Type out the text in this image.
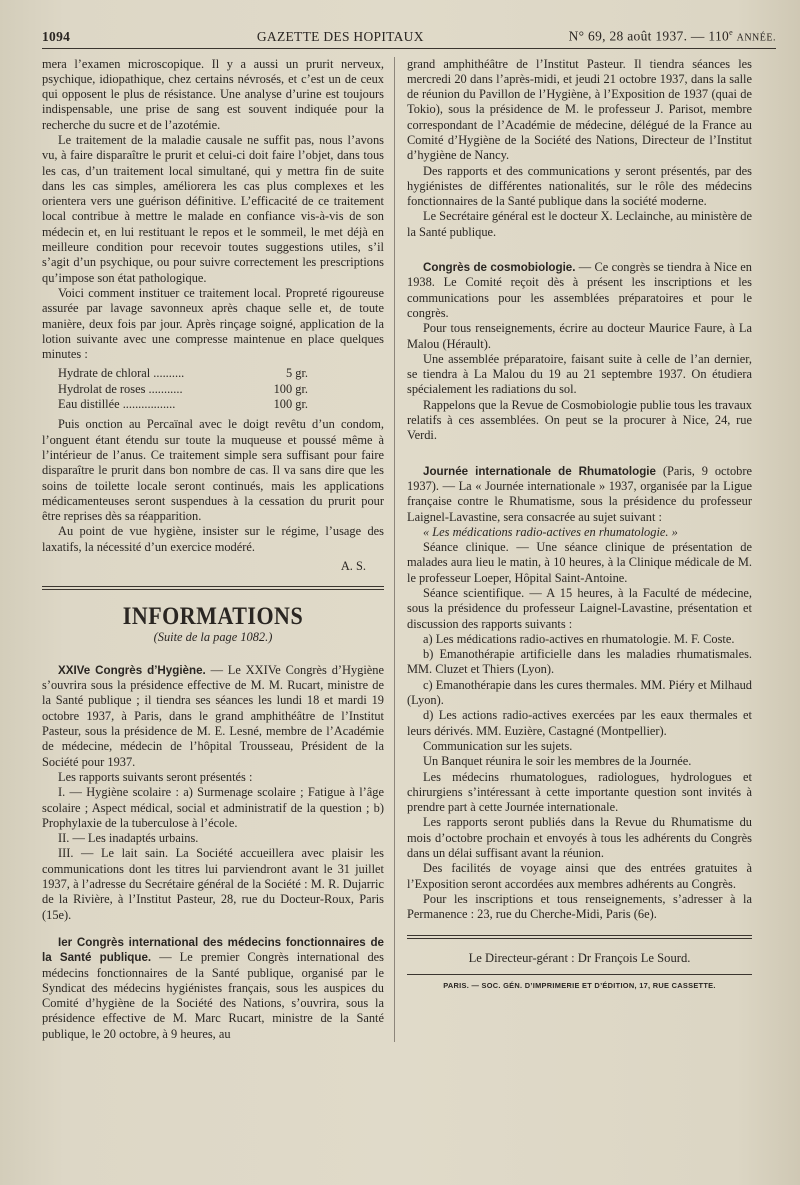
1094	GAZETTE DES HOPITAUX	N° 69, 28 août 1937. — 110e ANNÉE.

mera l’examen microscopique. Il y a aussi un prurit nerveux, psychique, idiopathique, chez certains névrosés, et c’est un de ceux qui opposent le plus de résistance. Une analyse d’urine est toujours indispensable, une prise de sang est souvent indiquée pour la recherche du sucre et de l’azotémie.

Le traitement de la maladie causale ne suffit pas, nous l’avons vu, à faire disparaître le prurit et celui-ci doit faire l’objet, dans tous les cas, d’un traitement local simultané, qui y mettra fin de suite dans les cas simples, améliorera les cas plus complexes et les orientera vers une guérison définitive. L’efficacité de ce traitement local contribue à mettre le malade en confiance vis-à-vis de son médecin et, en lui restituant le repos et le sommeil, le met déjà en meilleure condition pour recevoir toutes suggestions utiles, s’il s’agit d’un psychique, ou pour suivre correctement les prescriptions qu’impose son état pathologique.

Voici comment instituer ce traitement local. Propreté rigoureuse assurée par lavage savonneux après chaque selle et, de toute manière, deux fois par jour. Après rinçage soigné, application de la lotion suivante avec une compresse maintenue en place quelques minutes :

Hydrate de chloral ..........	5 gr.
Hydrolat de roses ...........	100 gr.
Eau distillée .................	100 gr.

Puis onction au Percaïnal avec le doigt revêtu d’un condom, l’onguent étant étendu sur toute la muqueuse et poussé même à l’intérieur de l’anus. Ce traitement simple sera suffisant pour faire disparaître le prurit dans bon nombre de cas. Il va sans dire que les soins de toilette locale seront continués, mais les applications médicamenteuses seront suspendues à la cessation du prurit pour être reprises dès sa réapparition.

Au point de vue hygiène, insister sur le régime, l’usage des laxatifs, la nécessité d’un exercice modéré.

A. S.
INFORMATIONS
(Suite de la page 1082.)

XXIVe Congrès d’Hygiène. — Le XXIVe Congrès d’Hygiène s’ouvrira sous la présidence effective de M. M. Rucart, ministre de la Santé publique ; il tiendra ses séances les lundi 18 et mardi 19 octobre 1937, à Paris, dans le grand amphithéâtre de l’Institut Pasteur, sous la présidence de M. E. Lesné, membre de l’Académie de médecine, médecin de l’hôpital Trousseau, Président de la Société pour 1937.

Les rapports suivants seront présentés :

I. — Hygiène scolaire : a) Surmenage scolaire ; Fatigue à l’âge scolaire ; Aspect médical, social et administratif de la question ; b) Prophylaxie de la tuberculose à l’école.

II. — Les inadaptés urbains.

III. — Le lait sain. La Société accueillera avec plaisir les communications dont les titres lui parviendront avant le 31 juillet 1937, à l’adresse du Secrétaire général de la Société : M. R. Dujarric de la Rivière, à l’Institut Pasteur, 28, rue du Docteur-Roux, Paris (15e).

Ier Congrès international des médecins fonctionnaires de la Santé publique. — Le premier Congrès international des médecins fonctionnaires de la Santé publique, organisé par le Syndicat des médecins hygiénistes français, sous les auspices du Comité d’hygiène de la Société des Nations, s’ouvrira, sous la présidence effective de M. Marc Rucart, ministre de la Santé publique, le 20 octobre, à 9 heures, au

grand amphithéâtre de l’Institut Pasteur. Il tiendra séances les mercredi 20 dans l’après-midi, et jeudi 21 octobre 1937, dans la salle de réunion du Pavillon de l’Hygiène, à l’Exposition de 1937 (quai de Tokio), sous la présidence de M. le professeur J. Parisot, membre correspondant de l’Académie de médecine, délégué de la France au Comité d’Hygiène de la Société des Nations, Directeur de l’Institut d’hygiène de Nancy.

Des rapports et des communications y seront présentés, par des hygiénistes de différentes nationalités, sur le rôle des médecins fonctionnaires de la Santé publique dans la société moderne.

Le Secrétaire général est le docteur X. Leclainche, au ministère de la Santé publique.

Congrès de cosmobiologie. — Ce congrès se tiendra à Nice en 1938. Le Comité reçoit dès à présent les inscriptions et les communications pour les assemblées préparatoires et pour le congrès.

Pour tous renseignements, écrire au docteur Maurice Faure, à La Malou (Hérault).

Une assemblée préparatoire, faisant suite à celle de l’an dernier, se tiendra à La Malou du 19 au 21 septembre 1937. On étudiera spécialement les radiations du sol.

Rappelons que la Revue de Cosmobiologie publie tous les travaux relatifs à ces assemblées. On peut se la procurer à Nice, 24, rue Verdi.

Journée internationale de Rhumatologie (Paris, 9 octobre 1937). — La « Journée internationale » 1937, organisée par la Ligue française contre le Rhumatisme, sous la présidence du professeur Laignel-Lavastine, sera consacrée au sujet suivant :

« Les médications radio-actives en rhumatologie. »

Séance clinique. — Une séance clinique de présentation de malades aura lieu le matin, à 10 heures, à la Clinique médicale de M. le professeur Loeper, Hôpital Saint-Antoine.

Séance scientifique. — A 15 heures, à la Faculté de médecine, sous la présidence du professeur Laignel-Lavastine, présentation et discussion des rapports suivants :

a) Les médications radio-actives en rhumatologie. M. F. Coste.

b) Emanothérapie artificielle dans les maladies rhumatismales. MM. Cluzet et Thiers (Lyon).

c) Emanothérapie dans les cures thermales. MM. Piéry et Milhaud (Lyon).

d) Les actions radio-actives exercées par les eaux thermales et leurs dérivés. MM. Euzière, Castagné (Montpellier).

Communication sur les sujets.

Un Banquet réunira le soir les membres de la Journée.

Les médecins rhumatologues, radiologues, hydrologues et chirurgiens s’intéressant à cette importante question sont invités à prendre part à cette Journée internationale.

Les rapports seront publiés dans la Revue du Rhumatisme du mois d’octobre prochain et envoyés à tous les adhérents du Congrès dans un délai suffisant avant la réunion.

Des facilités de voyage ainsi que des entrées gratuites à l’Exposition seront accordées aux membres adhérents au Congrès.

Pour les inscriptions et tous renseignements, s’adresser à la Permanence : 23, rue du Cherche-Midi, Paris (6e).

Le Directeur-gérant : Dr François Le Sourd.
PARIS. — SOC. GÉN. D’IMPRIMERIE ET D’ÉDITION, 17, RUE CASSETTE.
